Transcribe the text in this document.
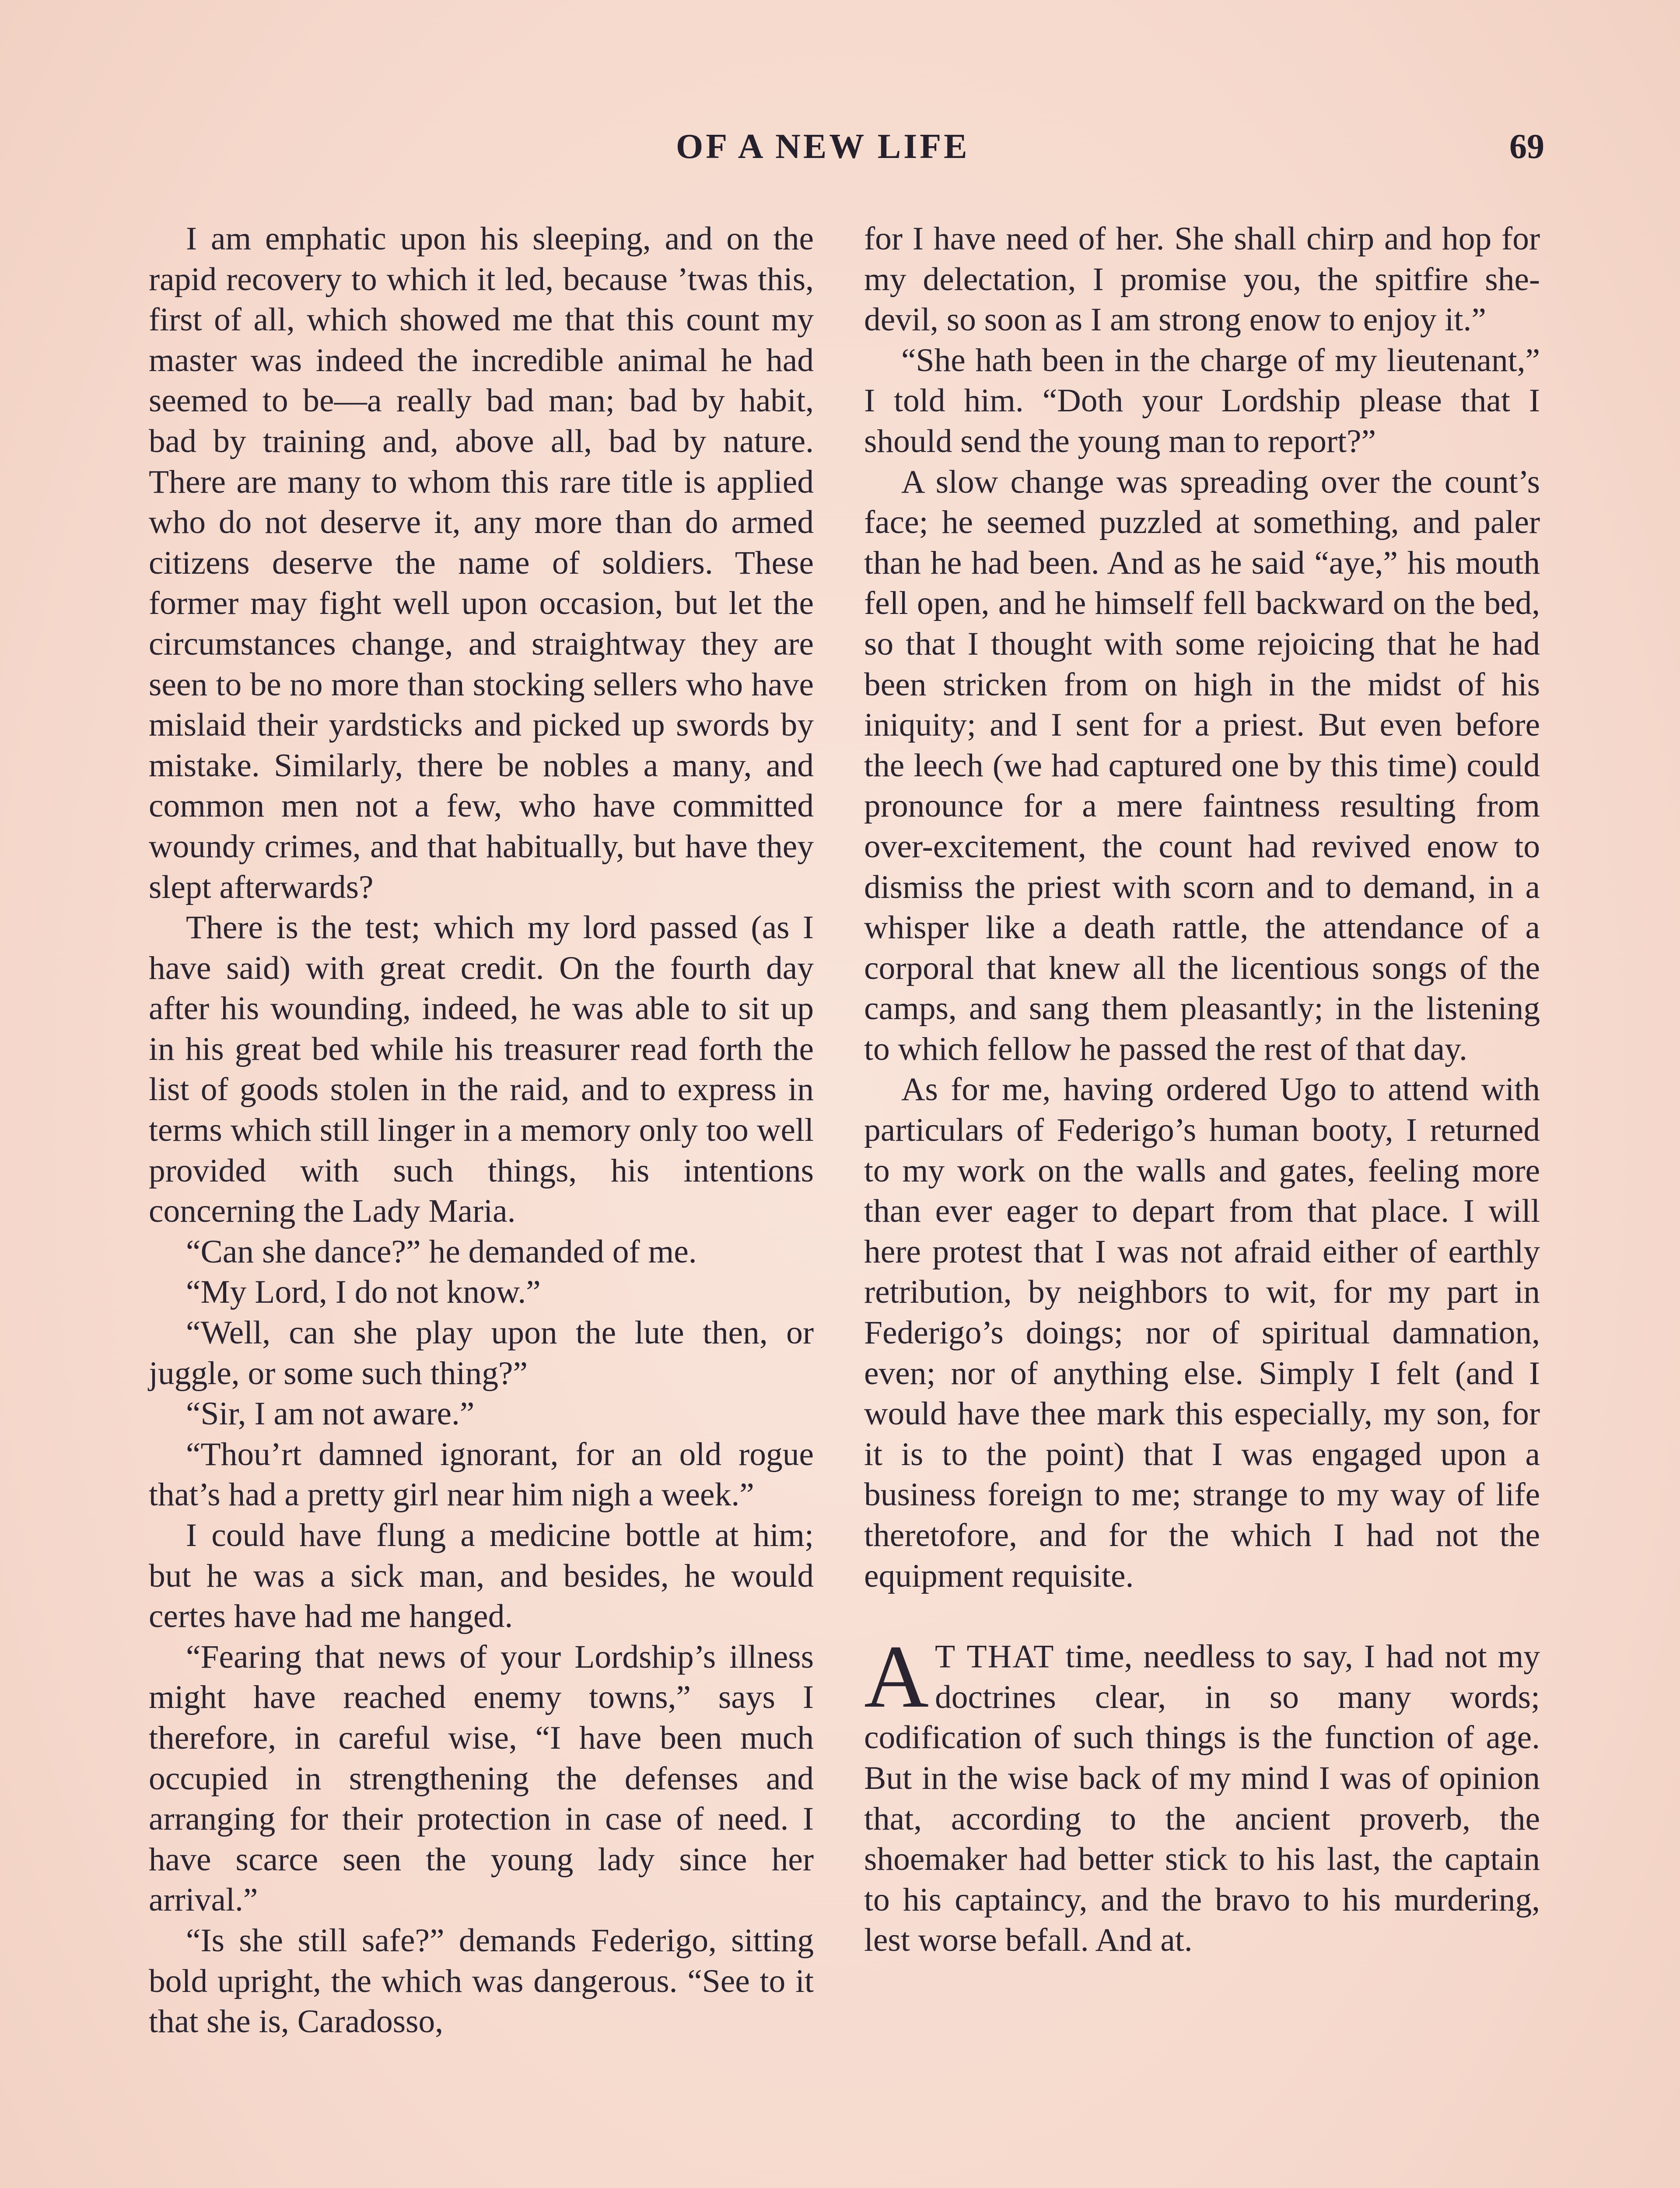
OF A NEW LIFE	69

I am emphatic upon his sleeping, and on the rapid recovery to which it led, because ’twas this, first of all, which showed me that this count my master was indeed the incredible animal he had seemed to be—a really bad man; bad by habit, bad by training and, above all, bad by nature. There are many to whom this rare title is applied who do not deserve it, any more than do armed citizens deserve the name of soldiers. These former may fight well upon occasion, but let the circumstances change, and straightway they are seen to be no more than stocking sellers who have mislaid their yardsticks and picked up swords by mistake. Similarly, there be nobles a many, and common men not a few, who have committed woundy crimes, and that habitually, but have they slept afterwards?

There is the test; which my lord passed (as I have said) with great credit. On the fourth day after his wounding, indeed, he was able to sit up in his great bed while his treasurer read forth the list of goods stolen in the raid, and to express in terms which still linger in a memory only too well provided with such things, his intentions concerning the Lady Maria.

“Can she dance?” he demanded of me.

“My Lord, I do not know.”

“Well, can she play upon the lute then, or juggle, or some such thing?”

“Sir, I am not aware.”

“Thou’rt damned ignorant, for an old rogue that’s had a pretty girl near him nigh a week.”

I could have flung a medicine bottle at him; but he was a sick man, and besides, he would certes have had me hanged.

“Fearing that news of your Lordship’s illness might have reached enemy towns,” says I therefore, in careful wise, “I have been much occupied in strengthening the defenses and arranging for their protection in case of need. I have scarce seen the young lady since her arrival.”

“Is she still safe?” demands Federigo, sitting bold upright, the which was dangerous. “See to it that she is, Caradosso,

for I have need of her. She shall chirp and hop for my delectation, I promise you, the spitfire she-devil, so soon as I am strong enow to enjoy it.”

“She hath been in the charge of my lieutenant,” I told him. “Doth your Lordship please that I should send the young man to report?”

A slow change was spreading over the count’s face; he seemed puzzled at something, and paler than he had been. And as he said “aye,” his mouth fell open, and he himself fell backward on the bed, so that I thought with some rejoicing that he had been stricken from on high in the midst of his iniquity; and I sent for a priest. But even before the leech (we had captured one by this time) could pronounce for a mere faintness resulting from over-excitement, the count had revived enow to dismiss the priest with scorn and to demand, in a whisper like a death rattle, the attendance of a corporal that knew all the licentious songs of the camps, and sang them pleasantly; in the listening to which fellow he passed the rest of that day.

As for me, having ordered Ugo to attend with particulars of Federigo’s human booty, I returned to my work on the walls and gates, feeling more than ever eager to depart from that place. I will here protest that I was not afraid either of earthly retribution, by neighbors to wit, for my part in Federigo’s doings; nor of spiritual damnation, even; nor of anything else. Simply I felt (and I would have thee mark this especially, my son, for it is to the point) that I was engaged upon a business foreign to me; strange to my way of life theretofore, and for the which I had not the equipment requisite.

A T THAT time, needless to say, I had not my doctrines clear, in so many words; codification of such things is the function of age. But in the wise back of my mind I was of opinion that, according to the ancient proverb, the shoemaker had better stick to his last, the captain to his captaincy, and the bravo to his murdering, lest worse befall. And at.
